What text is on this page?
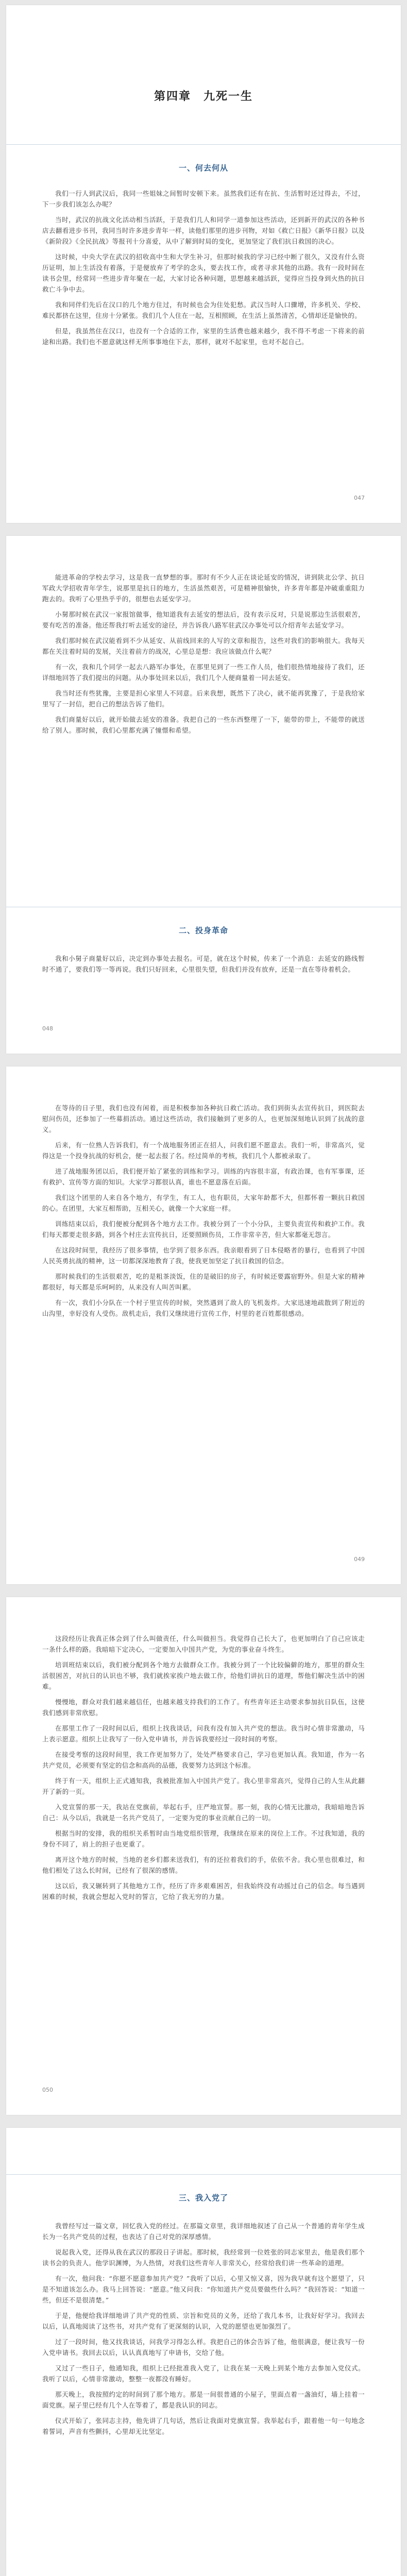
第四章　九死一生
一、何去何从

我们一行人到武汉后，我同一些姐妹之间暂时安顿下来。虽然我们还有在抗、生活暂时还过得去，不过，下一步我们该怎么办呢？

当时，武汉的抗战文化活动相当活跃，于是我们几人和同学一道参加这些活动，还到新开的武汉的各种书店去翻看进步书刊，我同当时许多进步青年一样，读他们那里的进步刊物，对如《救亡日报》《新华日报》以及《新阶段》《全民抗战》等报刊十分喜爱，从中了解到时局的变化，更加坚定了我们抗日救国的决心。

这时候，中央大学在武汉的招收高中生和大学生补习，但那时候我的学习已经中断了很久，又没有什么资历证明，加上生活没有着落，于是便放弃了考学的念头，要去找工作，或者寻求其他的出路。我有一段时间在读书会里，经常同一些进步青年聚在一起，大家讨论各种问题，思想越来越活跃，觉得应当投身到火热的抗日救亡斗争中去。

我和同伴们先后在汉口的几个地方住过，有时候也会为住处犯愁。武汉当时人口骤增，许多机关、学校、难民都挤在这里，住房十分紧张。我们几个人住在一起，互相照顾，在生活上虽然清苦，心情却还是愉快的。

但是，我虽然住在汉口，也没有一个合适的工作，家里的生活费也越来越少，我不得不考虑一下将来的前途和出路。我们也不愿意就这样无所事事地住下去，那样，就对不起家里，也对不起自己。

047

能进革命的学校去学习，这是我一直梦想的事。那时有不少人正在谈论延安的情况，讲到陕北公学、抗日军政大学招收青年学生，说那里是抗日的地方，生活虽然艰苦，可是精神很愉快，许多青年都是冲破重重阻力跑去的。我听了心里热乎乎的，很想也去延安学习。

小舅那时候在武汉一家报馆做事，他知道我有去延安的想法后，没有表示反对，只是说那边生活很艰苦，要有吃苦的准备。他还帮我打听去延安的途径，并告诉我八路军驻武汉办事处可以介绍青年去延安学习。

我们那时候在武汉能看到不少从延安、从前线回来的人写的文章和报告，这些对我们的影响很大。我每天都在关注着时局的发展，关注着前方的战况，心里总是想：我应该做点什么呢？

有一次，我和几个同学一起去八路军办事处，在那里见到了一些工作人员，他们很热情地接待了我们，还详细地回答了我们提出的问题。从办事处回来以后，我们几个人便商量着一同去延安。

我当时还有些犹豫，主要是担心家里人不同意。后来我想，既然下了决心，就不能再犹豫了，于是我给家里写了一封信，把自己的想法告诉了他们。

我们商量好以后，就开始做去延安的准备。我把自己的一些东西整理了一下，能带的带上，不能带的就送给了别人。那时候，我们心里都充满了憧憬和希望。

二、投身革命

我和小舅子商量好以后，决定到办事处去报名。可是，就在这个时候，传来了一个消息：去延安的路线暂时不通了，要我们等一等再说。我们只好回来，心里很失望，但我们并没有放弃，还是一直在等待着机会。

048

在等待的日子里，我们也没有闲着，而是积极参加各种抗日救亡活动。我们到街头去宣传抗日，到医院去慰问伤员，还参加了一些募捐活动。通过这些活动，我们接触到了更多的人，也更加深刻地认识到了抗战的意义。

后来，有一位熟人告诉我们，有一个战地服务团正在招人，问我们愿不愿意去。我们一听，非常高兴，觉得这是一个投身抗战的好机会，便一起去报了名。经过简单的考核，我们几个人都被录取了。

进了战地服务团以后，我们便开始了紧张的训练和学习。训练的内容很丰富，有政治课，也有军事课，还有救护、宣传等方面的知识。大家学习都很认真，谁也不愿意落在后面。

我们这个团里的人来自各个地方，有学生，有工人，也有职员，大家年龄都不大，但都怀着一颗抗日救国的心。在团里，大家互相帮助，互相关心，就像一个大家庭一样。

训练结束以后，我们便被分配到各个地方去工作。我被分到了一个小分队，主要负责宣传和救护工作。我们每天都要走很多路，到各个村庄去宣传抗日，还要照顾伤员，工作非常辛苦，但大家都毫无怨言。

在这段时间里，我经历了很多事情，也学到了很多东西。我亲眼看到了日本侵略者的暴行，也看到了中国人民英勇抗战的精神，这一切都深深地教育了我，使我更加坚定了抗日救国的信念。

那时候我们的生活很艰苦，吃的是粗茶淡饭，住的是破旧的房子，有时候还要露宿野外。但是大家的精神都很好，每天都是乐呵呵的，从来没有人叫苦叫累。

有一次，我们小分队在一个村子里宣传的时候，突然遇到了敌人的飞机轰炸。大家迅速地疏散到了附近的山沟里，幸好没有人受伤。敌机走后，我们又继续进行宣传工作，村里的老百姓都很感动。

049

这段经历让我真正体会到了什么叫做责任，什么叫做担当。我觉得自己长大了，也更加明白了自己应该走一条什么样的路。我暗暗下定决心，一定要加入中国共产党，为党的事业奋斗终生。

培训班结束以后，我们被分配到各个地方去做群众工作。我被分到了一个比较偏僻的地方，那里的群众生活很困苦，对抗日的认识也不够，我们就挨家挨户地去做工作，给他们讲抗日的道理，帮他们解决生活中的困难。

慢慢地，群众对我们越来越信任，也越来越支持我们的工作了。有些青年还主动要求参加抗日队伍，这使我们感到非常欣慰。

在那里工作了一段时间以后，组织上找我谈话，问我有没有加入共产党的想法。我当时心情非常激动，马上表示愿意。组织上让我写了一份入党申请书，并告诉我要经过一段时间的考察。

在接受考察的这段时间里，我工作更加努力了，处处严格要求自己，学习也更加认真。我知道，作为一名共产党员，必须要有坚定的信念和高尚的品德，我要努力达到这个标准。

终于有一天，组织上正式通知我，我被批准加入中国共产党了。我心里非常高兴，觉得自己的人生从此翻开了新的一页。

入党宣誓的那一天，我站在党旗前，举起右手，庄严地宣誓。那一刻，我的心情无比激动，我暗暗地告诉自己：从今以后，我就是一名共产党员了，一定要为党的事业贡献自己的一切。

根据当时的安排，我的组织关系暂时由当地党组织管理，我继续在原来的岗位上工作。不过我知道，我的身份不同了，肩上的担子也更重了。

离开这个地方的时候，当地的老乡们都来送我们，有的还拉着我们的手，依依不舍。我心里也很难过，和他们相处了这么长时间，已经有了很深的感情。

这以后，我又辗转到了其他地方工作，经历了许多艰难困苦，但我始终没有动摇过自己的信念。每当遇到困难的时候，我就会想起入党时的誓言，它给了我无穷的力量。

050
三、我入党了

我曾经写过一篇文章，回忆我入党的经过。在那篇文章里，我详细地叙述了自己从一个普通的青年学生成长为一名共产党员的过程，也表达了自己对党的深厚感情。

说起我入党，还得从我在武汉的那段日子讲起。那时候，我经常到一位姓张的同志家里去，他是我们那个读书会的负责人。他学识渊博，为人热情，对我们这些青年人非常关心，经常给我们讲一些革命的道理。

有一次，他问我：“你愿不愿意参加共产党？”我听了以后，心里又惊又喜，因为我早就有这个愿望了，只是不知道该怎么办。我马上回答说：“愿意。”他又问我：“你知道共产党员要做些什么吗？”我回答说：“知道一些，但还不是很清楚。”

于是，他便给我详细地讲了共产党的性质、宗旨和党员的义务，还给了我几本书，让我好好学习。我回去以后，认真地阅读了这些书，对共产党有了更深刻的认识，入党的愿望也更加强烈了。

过了一段时间，他又找我谈话，问我学习得怎么样。我把自己的体会告诉了他，他很满意，便让我写一份入党申请书。我回去以后，认认真真地写了申请书，交给了他。

又过了一些日子，他通知我，组织上已经批准我入党了，让我在某一天晚上到某个地方去参加入党仪式。我听了以后，心情非常激动，整整一夜都没有睡好。

那天晚上，我按照约定的时间到了那个地方。那是一间很普通的小屋子，里面点着一盏油灯，墙上挂着一面党旗。屋子里已经有几个人在等着了，都是我认识的同志。

仪式开始了，张同志主持，他先讲了几句话，然后让我面对党旗宣誓。我举起右手，跟着他一句一句地念着誓词，声音有些颤抖，心里却无比坚定。
